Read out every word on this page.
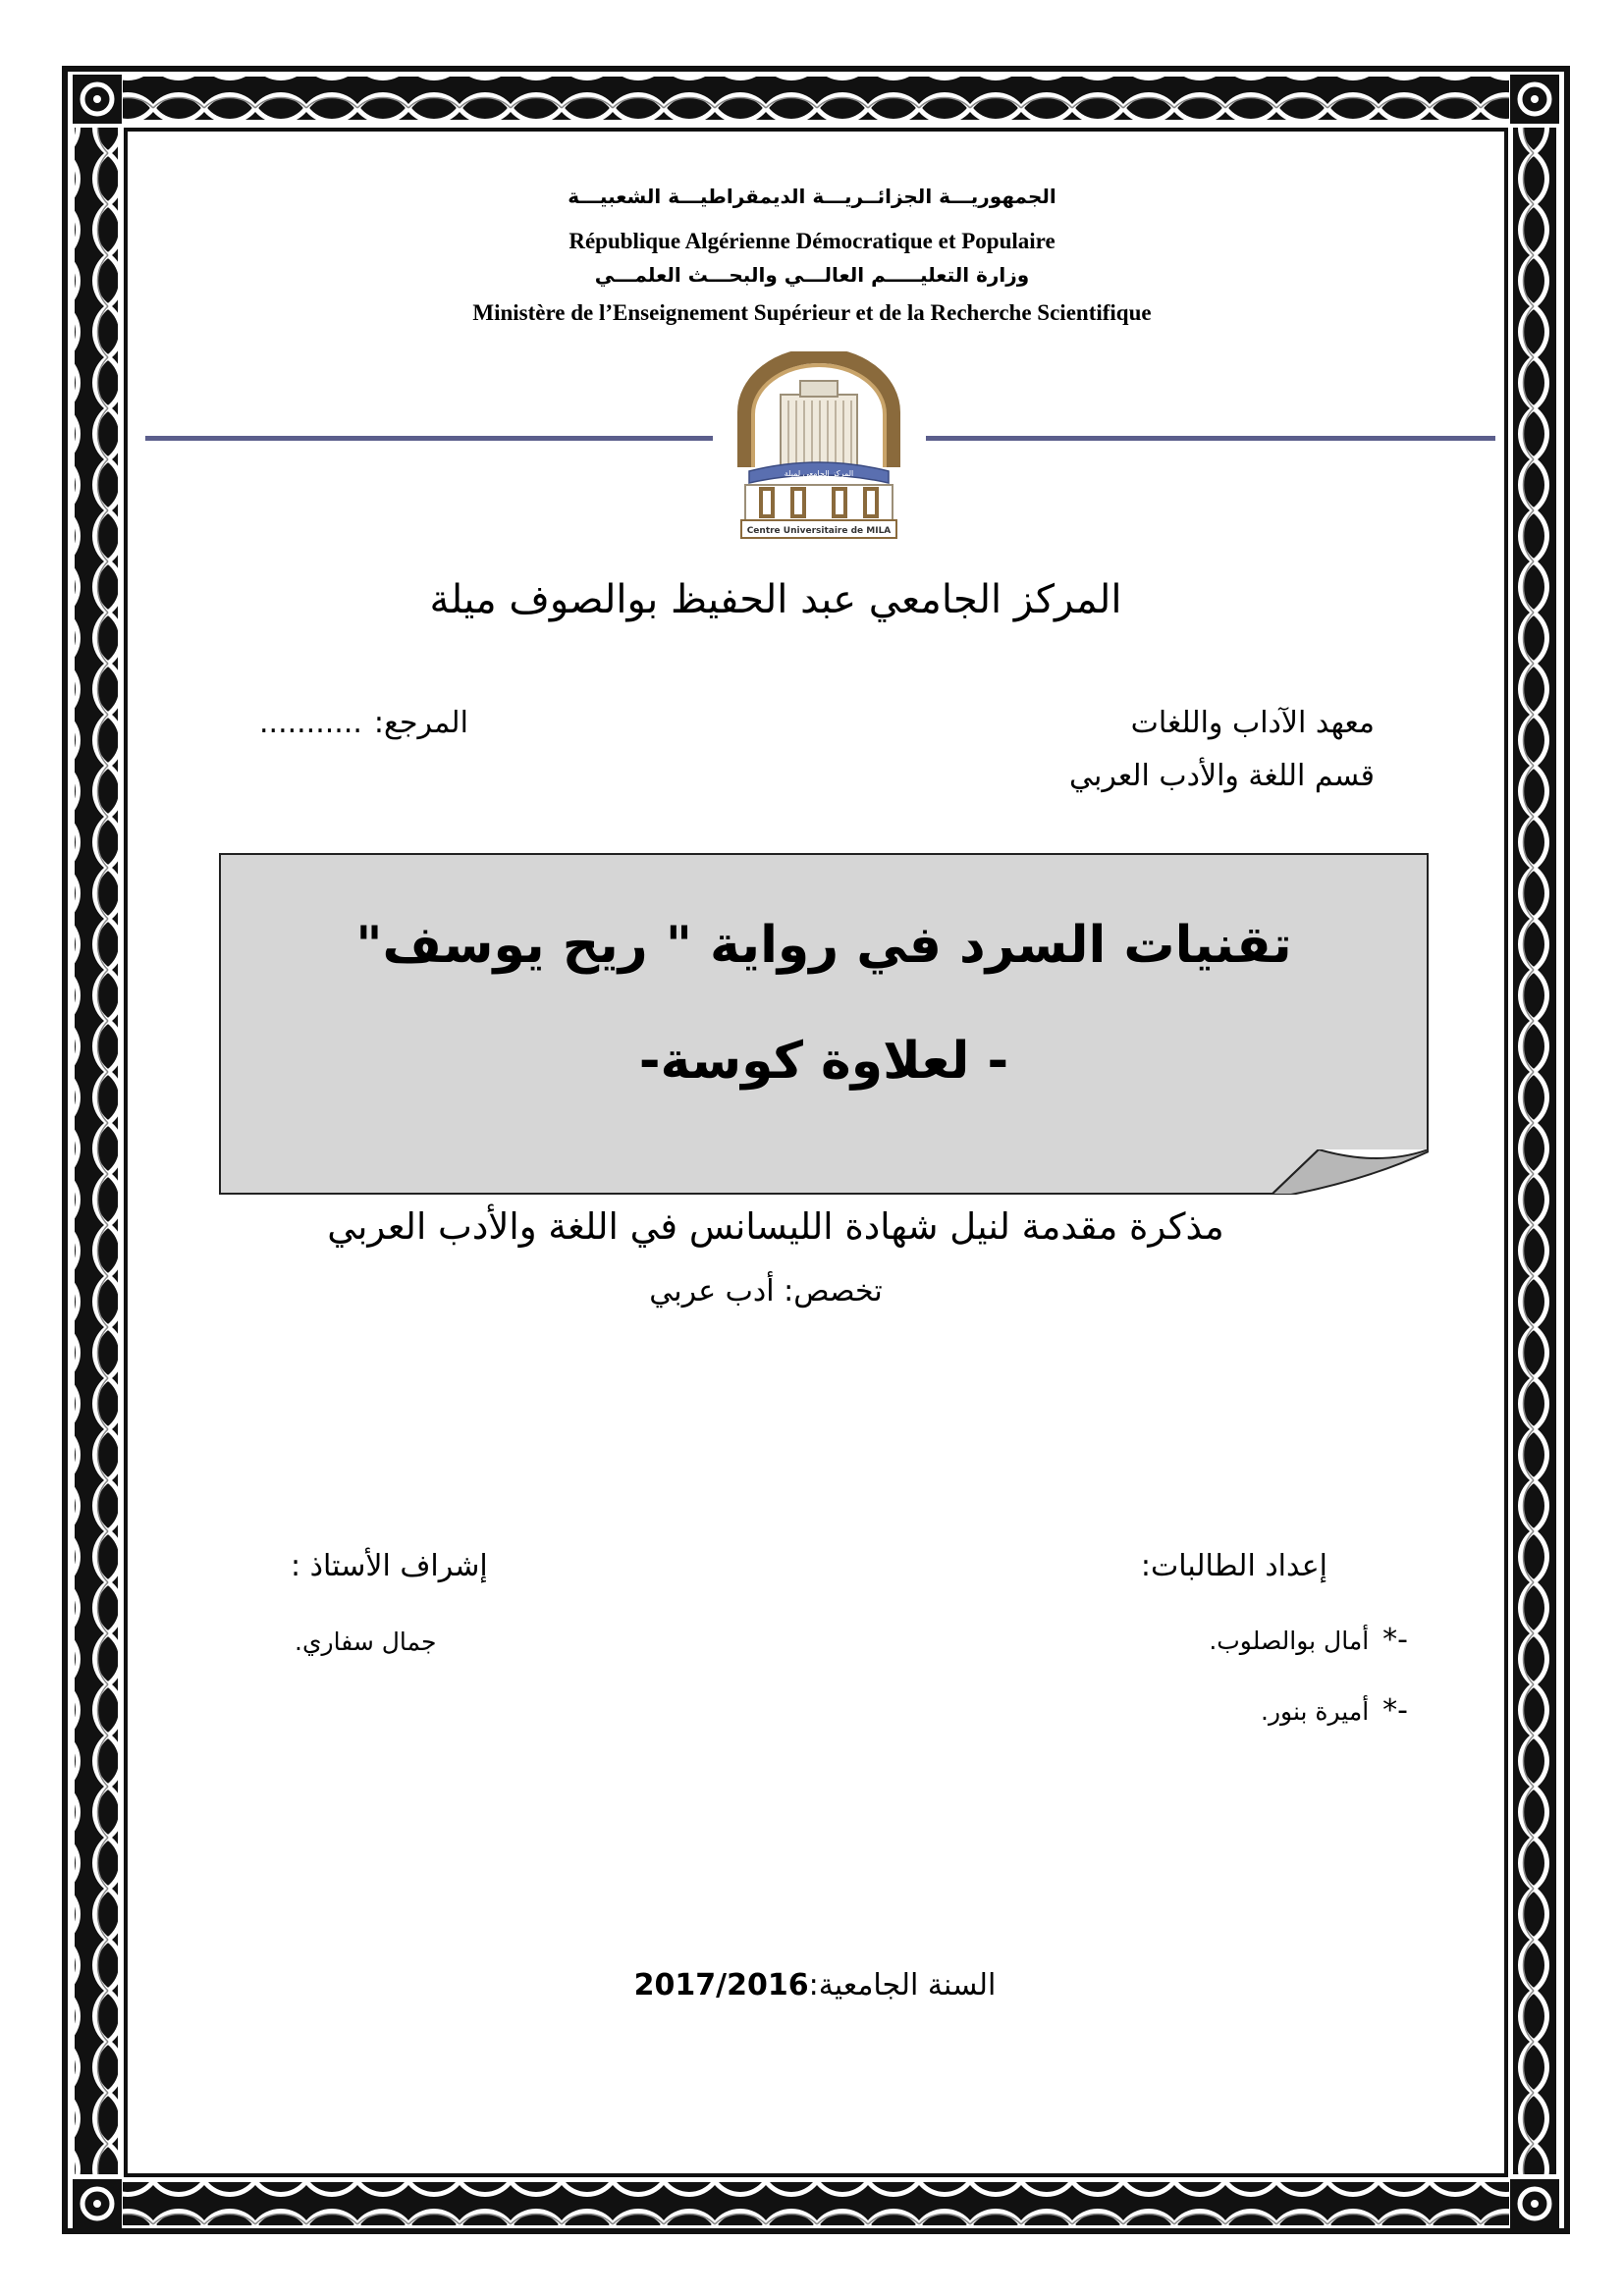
الجمهوريـــة الجزائــريـــة الديمقراطيـــة الشعبيـــة
République Algérienne Démocratique et Populaire
وزارة التعليـــــم العالـــي والبحـــث العلمـــي
Ministère de l’Enseignement Supérieur et de la Recherche Scientifique
المركز الجامعي لميلة
Centre Universitaire de MILA
المركز الجامعي عبد الحفيظ بوالصوف ميلة
معهد الآداب واللغات
قسم اللغة والأدب العربي
المرجع:
...........
تقنيات السرد في رواية " ريح يوسف"
- لعلاوة كوسة-
مذكرة مقدمة لنيل شهادة الليسانس في اللغة والأدب العربي
تخصص: أدب عربي
إعداد الطالبات:
*-
أمال بوالصلوب.
*-
أميرة بنور.
إشراف الأستاذ :
جمال سفاري.
السنة الجامعية:2017/2016
